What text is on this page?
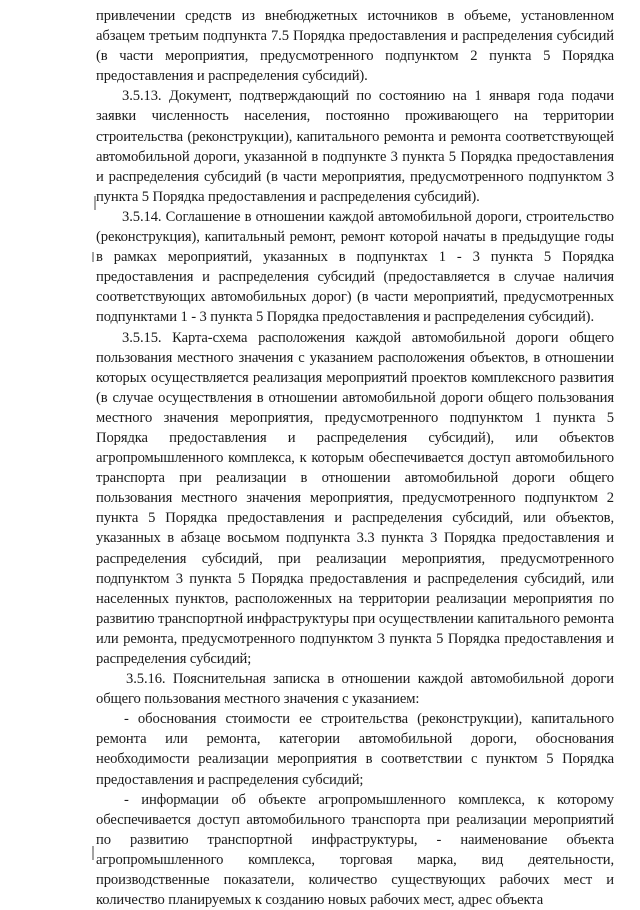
привлечении средств из внебюджетных источников в объеме, установленном абзацем третьим подпункта 7.5 Порядка предоставления и распределения субсидий (в части мероприятия, предусмотренного подпунктом 2 пункта 5 Порядка предоставления и распределения субсидий).

3.5.13. Документ, подтверждающий по состоянию на 1 января года подачи заявки численность населения, постоянно проживающего на территории строительства (реконструкции), капитального ремонта и ремонта соответствующей автомобильной дороги, указанной в подпункте 3 пункта 5 Порядка предоставления и распределения субсидий (в части мероприятия, предусмотренного подпунктом 3 пункта 5 Порядка предоставления и распределения субсидий).

3.5.14. Соглашение в отношении каждой автомобильной дороги, строительство (реконструкция), капитальный ремонт, ремонт которой начаты в предыдущие годы в рамках мероприятий, указанных в подпунктах 1 - 3 пункта 5 Порядка предоставления и распределения субсидий (предоставляется в случае наличия соответствующих автомобильных дорог) (в части мероприятий, предусмотренных подпунктами 1 - 3 пункта 5 Порядка предоставления и распределения субсидий).

3.5.15. Карта-схема расположения каждой автомобильной дороги общего пользования местного значения с указанием расположения объектов, в отношении которых осуществляется реализация мероприятий проектов комплексного развития (в случае осуществления в отношении автомобильной дороги общего пользования местного значения мероприятия, предусмотренного подпунктом 1 пункта 5 Порядка предоставления и распределения субсидий), или объектов агропромышленного комплекса, к которым обеспечивается доступ автомобильного транспорта при реализации в отношении автомобильной дороги общего пользования местного значения мероприятия, предусмотренного подпунктом 2 пункта 5 Порядка предоставления и распределения субсидий, или объектов, указанных в абзаце восьмом подпункта 3.3 пункта 3 Порядка предоставления и распределения субсидий, при реализации мероприятия, предусмотренного подпунктом 3 пункта 5 Порядка предоставления и распределения субсидий, или населенных пунктов, расположенных на территории реализации мероприятия по развитию транспортной инфраструктуры при осуществлении капитального ремонта или ремонта, предусмотренного подпунктом 3 пункта 5 Порядка предоставления и распределения субсидий;

3.5.16. Пояснительная записка в отношении каждой автомобильной дороги общего пользования местного значения с указанием:

- обоснования стоимости ее строительства (реконструкции), капитального ремонта или ремонта, категории автомобильной дороги, обоснования необходимости реализации мероприятия в соответствии с пунктом 5 Порядка предоставления и распределения субсидий;

- информации об объекте агропромышленного комплекса, к которому обеспечивается доступ автомобильного транспорта при реализации мероприятий по развитию транспортной инфраструктуры, - наименование объекта агропромышленного комплекса, торговая марка, вид деятельности, производственные показатели, количество существующих рабочих мест и количество планируемых к созданию новых рабочих мест, адрес объекта
